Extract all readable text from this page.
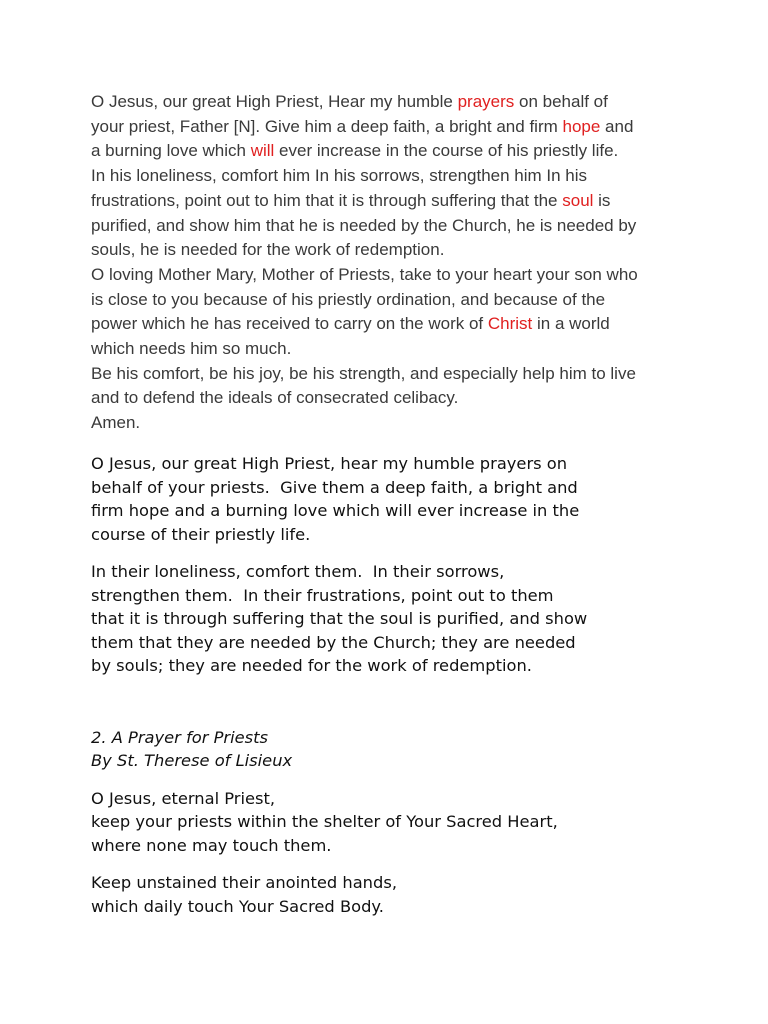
O Jesus, our great High Priest, Hear my humble prayers on behalf of
your priest, Father [N]. Give him a deep faith, a bright and firm hope and
a burning love which will ever increase in the course of his priestly life.
In his loneliness, comfort him In his sorrows, strengthen him In his
frustrations, point out to him that it is through suffering that the soul is
purified, and show him that he is needed by the Church, he is needed by
souls, he is needed for the work of redemption.
O loving Mother Mary, Mother of Priests, take to your heart your son who
is close to you because of his priestly ordination, and because of the
power which he has received to carry on the work of Christ in a world
which needs him so much.
Be his comfort, be his joy, be his strength, and especially help him to live
and to defend the ideals of consecrated celibacy.
Amen.
O Jesus, our great High Priest, hear my humble prayers on
behalf of your priests.  Give them a deep faith, a bright and
firm hope and a burning love which will ever increase in the
course of their priestly life.
In their loneliness, comfort them.  In their sorrows,
strengthen them.  In their frustrations, point out to them
that it is through suffering that the soul is purified, and show
them that they are needed by the Church; they are needed
by souls; they are needed for the work of redemption.
2. A Prayer for Priests
By St. Therese of Lisieux
O Jesus, eternal Priest,
keep your priests within the shelter of Your Sacred Heart,
where none may touch them.
Keep unstained their anointed hands,
which daily touch Your Sacred Body.
